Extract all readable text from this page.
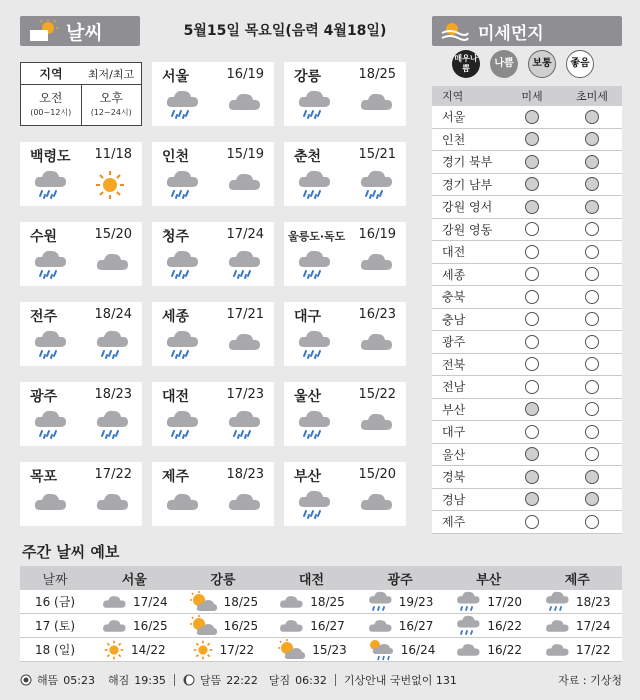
날씨	5월15일 목요일(음력 4월18일)	미세먼지
지역	최저/최고
오전
(00~12시)
오후
(12~24시)
서울	16/19 강릉	18/25
백령도 11/18 인천	15/19 춘천	15/21
수원	15/20 청주	17/24 울릉도·독도 16/19
전주	18/24 세종	17/21 대구	16/23
광주	18/23 대전	17/23 울산	15/22
목포	17/22 제주	18/23 부산	15/20
매우나쁨	나쁨	보통	좋음
지역	미세	초미세
서울
인천
경기 북부
경기 남부
강원 영서
강원 영동
대전
세종
충북
충남
광주
전북
전남
부산
대구
울산
경북
경남
제주
주간 날씨 예보
날짜	서울	강릉	대전	광주	부산	제주
16 (금)	17/24	18/25	18/25	19/23	17/20	18/23
17 (토)	16/25	16/25	16/27	16/27	16/22	17/24
18 (일)	14/22	17/22	15/23	16/24	16/22	17/22
해뜸 05:23 해짐 19:35	달뜸 22:22 달짐 06:32 기상안내 국번없이 131	자료 : 기상청
